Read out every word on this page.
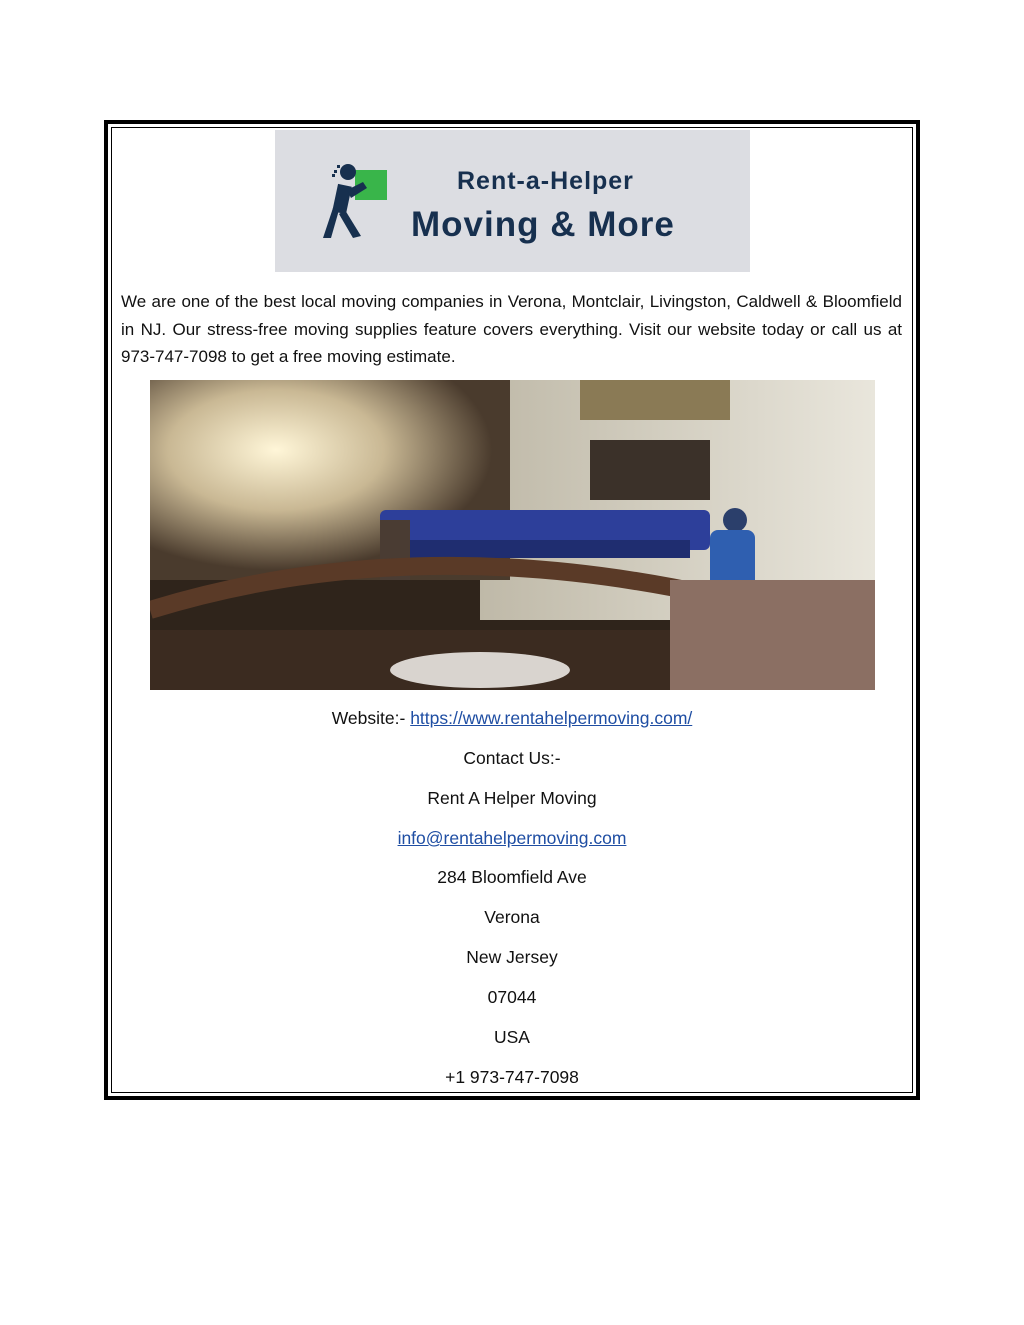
Rent-a-Helper
Moving & More

We are one of the best local moving companies in Verona, Montclair, Livingston, Caldwell & Bloomfield in NJ. Our stress-free moving supplies feature covers everything. Visit our website today or call us at 973-747-7098 to get a free moving estimate.

Website:- https://www.rentahelpermoving.com/
Contact Us:-
Rent A Helper Moving
info@rentahelpermoving.com
284 Bloomfield Ave
Verona
New Jersey
07044
USA
+1 973-747-7098
